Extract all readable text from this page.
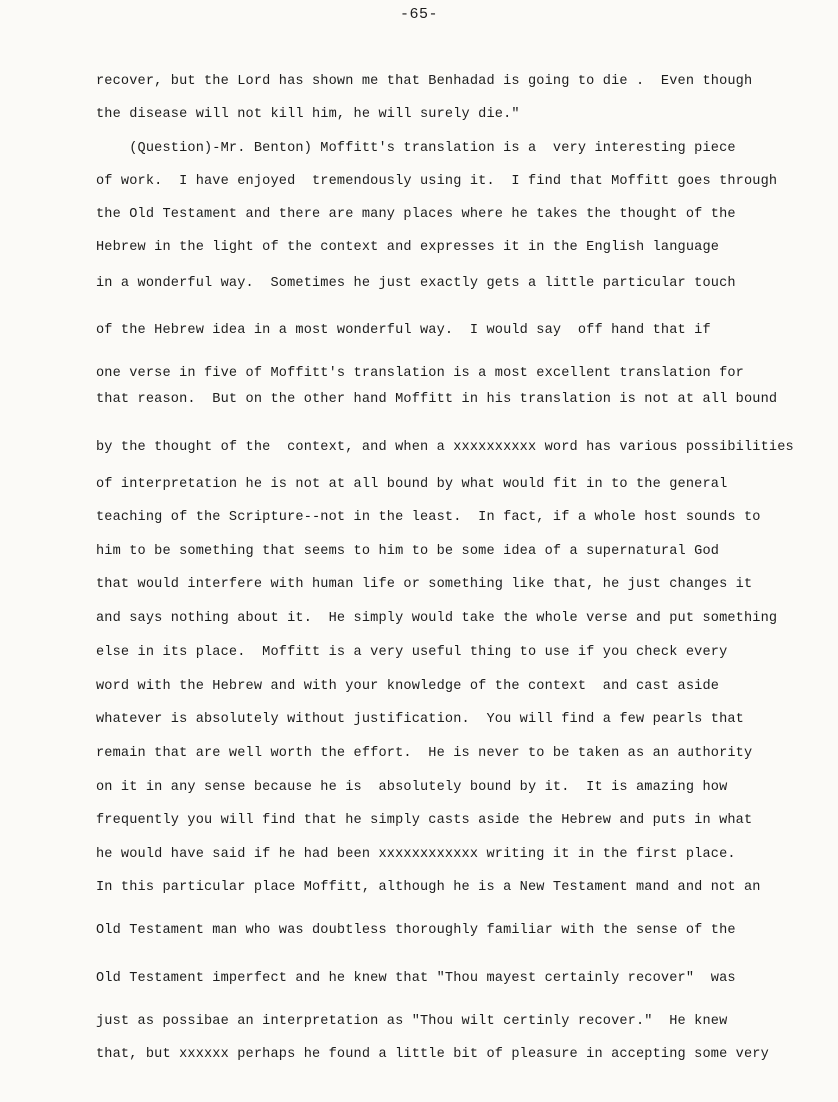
-65-
recover, but the Lord has shown me that Benhadad is going to die .  Even though
the disease will not kill him, he will surely die."
(Question)-Mr. Benton) Moffitt's translation is a  very interesting piece
of work.  I have enjoyed  tremendously using it.  I find that Moffitt goes through
the Old Testament and there are many places where he takes the thought of the
Hebrew in the light of the context and expresses it in the English language
in a wonderful way.  Sometimes he just exactly gets a little particular touch
of the Hebrew idea in a most wonderful way.  I would say  off hand that if
one verse in five of Moffitt's translation is a most excellent translation for
that reason.  But on the other hand Moffitt in his translation is not at all bound
by the thought of the  context, and when a xxxxxxxxxx word has various possibilities
of interpretation he is not at all bound by what would fit in to the general
teaching of the Scripture--not in the least.  In fact, if a whole host sounds to
him to be something that seems to him to be some idea of a supernatural God
that would interfere with human life or something like that, he just changes it
and says nothing about it.  He simply would take the whole verse and put something
else in its place.  Moffitt is a very useful thing to use if you check every
word with the Hebrew and with your knowledge of the context  and cast aside
whatever is absolutely without justification.  You will find a few pearls that
remain that are well worth the effort.  He is never to be taken as an authority
on it in any sense because he is  absolutely bound by it.  It is amazing how
frequently you will find that he simply casts aside the Hebrew and puts in what
he would have said if he had been xxxxxxxxxxxx writing it in the first place.
In this particular place Moffitt, although he is a New Testament mand and not an
Old Testament man who was doubtless thoroughly familiar with the sense of the
Old Testament imperfect and he knew that "Thou mayest certainly recover"  was
just as possibae an interpretation as "Thou wilt certinly recover."  He knew
that, but xxxxxx perhaps he found a little bit of pleasure in accepting some very
